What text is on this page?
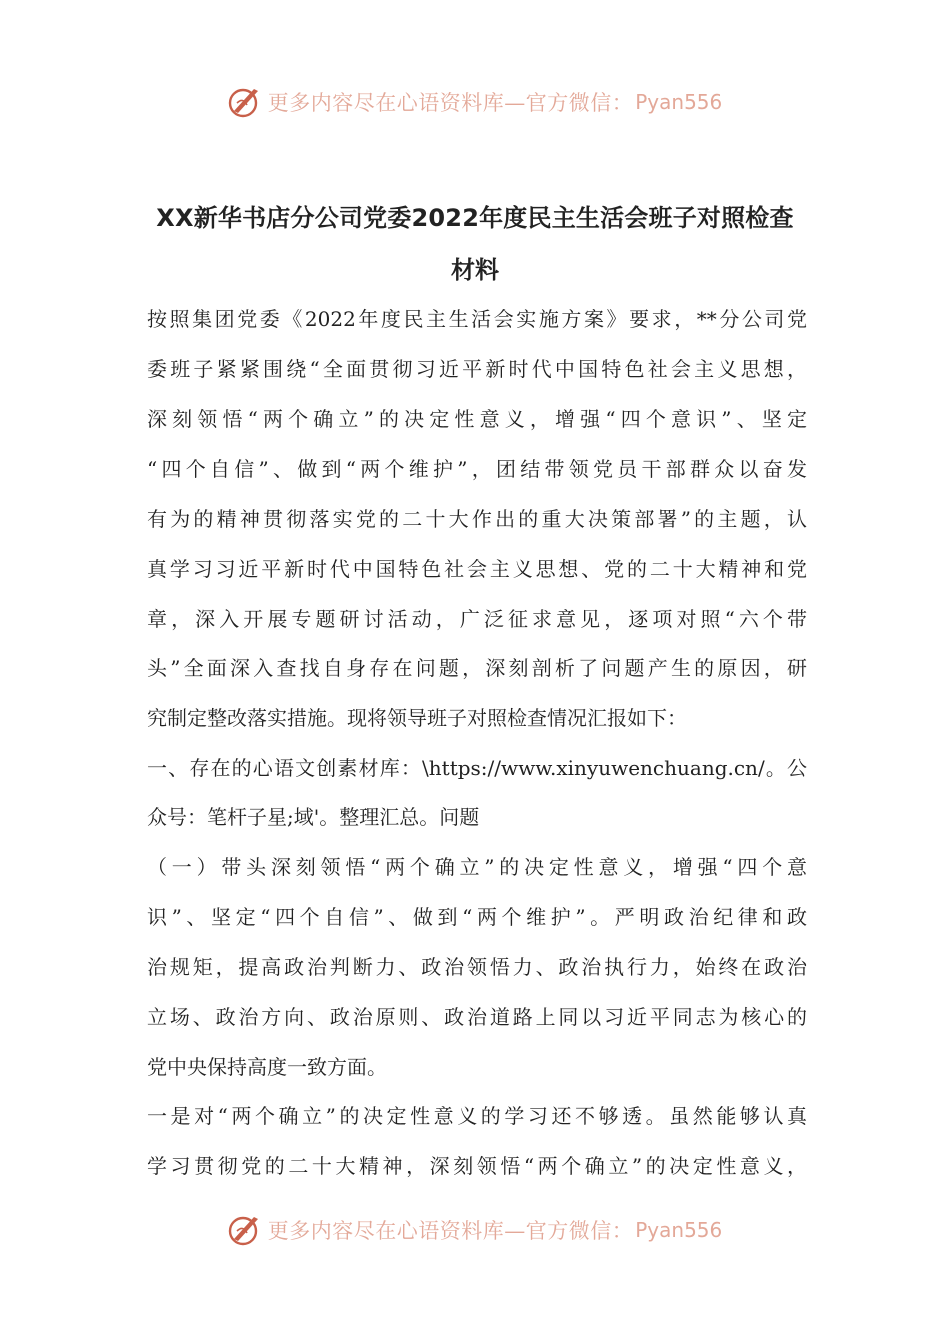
更多内容尽在心语资料库—官方微信： Pyan556
XX新华书店分公司党委2022年度民主生活会班子对照检查
材料
按照集团党委《2022年度民主生活会实施方案》要求，**分公司党
委班子紧紧围绕“全面贯彻习近平新时代中国特色社会主义思想，
深刻领悟“两个确立”的决定性意义，增强“四个意识”、坚定
“四个自信”、做到“两个维护”，团结带领党员干部群众以奋发
有为的精神贯彻落实党的二十大作出的重大决策部署”的主题，认
真学习习近平新时代中国特色社会主义思想、党的二十大精神和党
章，深入开展专题研讨活动，广泛征求意见，逐项对照“六个带
头”全面深入查找自身存在问题，深刻剖析了问题产生的原因，研
究制定整改落实措施。现将领导班子对照检查情况汇报如下：
一、存在的心语文创素材库：\https://www.xinyuwenchuang.cn/。公
众号：笔杆子星;域'。整理汇总。问题
（一）带头深刻领悟“两个确立”的决定性意义，增强“四个意
识”、坚定“四个自信”、做到“两个维护”。严明政治纪律和政
治规矩，提高政治判断力、政治领悟力、政治执行力，始终在政治
立场、政治方向、政治原则、政治道路上同以习近平同志为核心的
党中央保持高度一致方面。
一是对“两个确立”的决定性意义的学习还不够透。虽然能够认真
学习贯彻党的二十大精神，深刻领悟“两个确立”的决定性意义，
更多内容尽在心语资料库—官方微信： Pyan556
